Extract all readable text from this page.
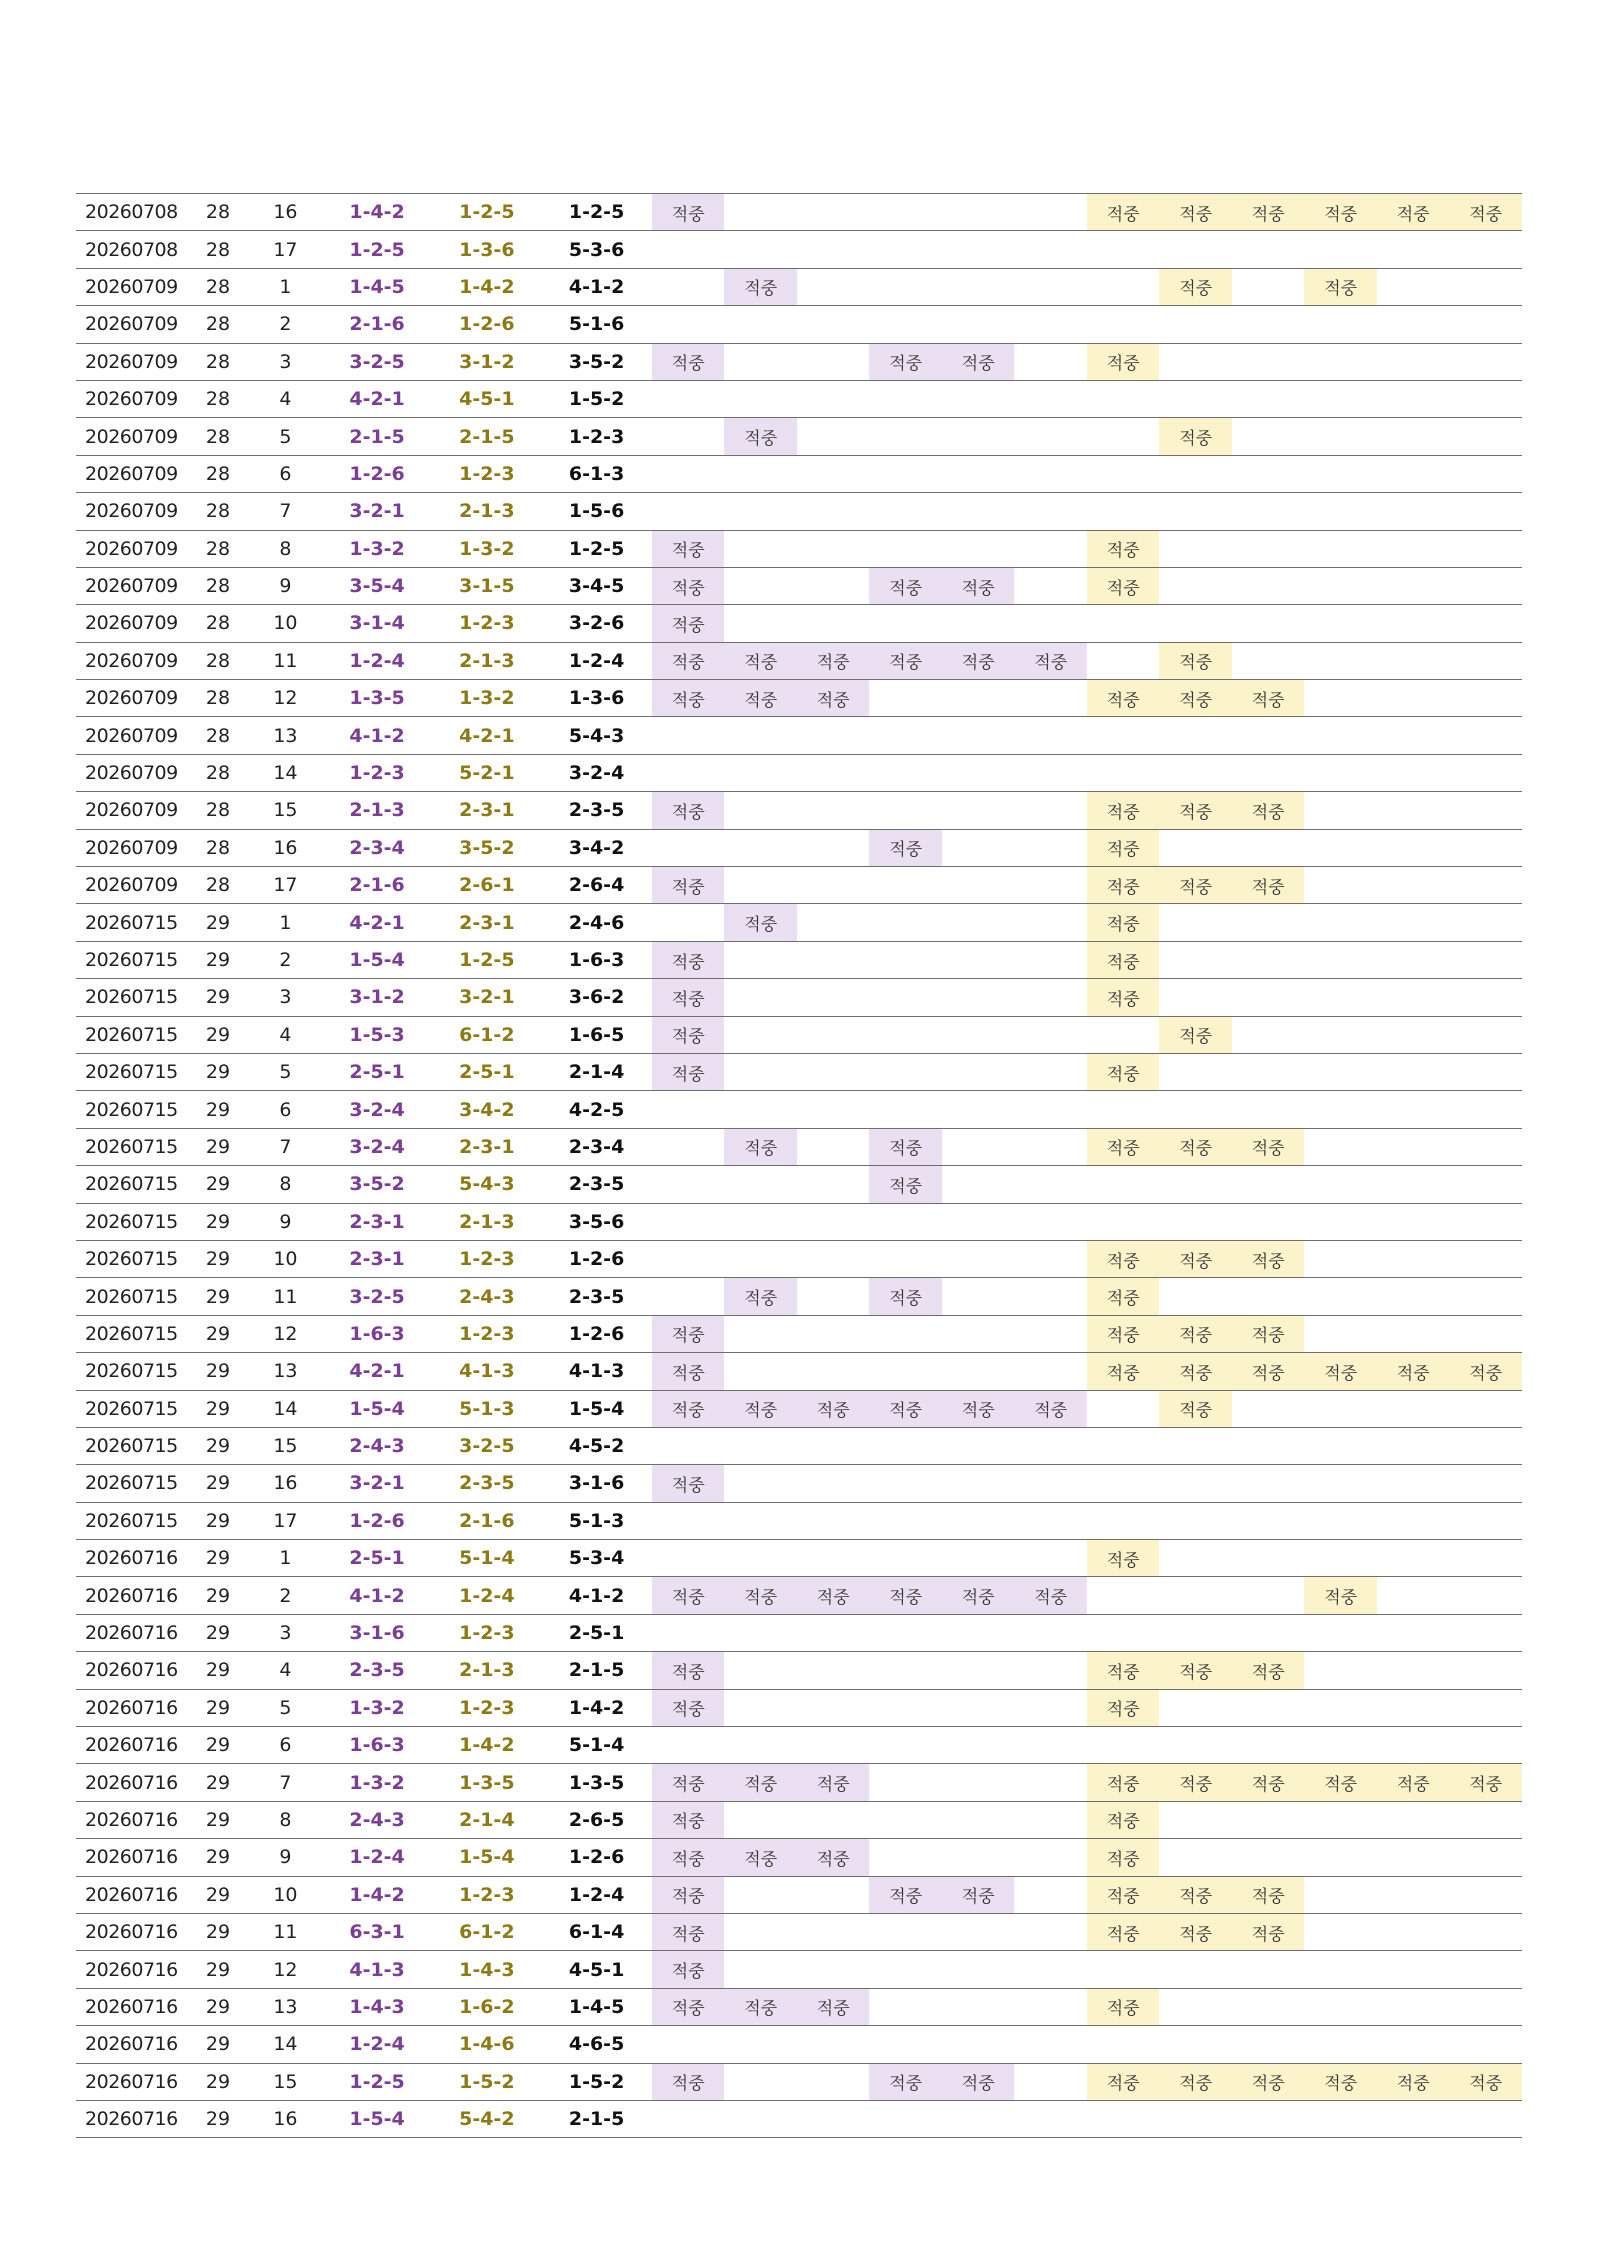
20260708	28	16	1-4-2	1-2-5	1-2-5	적중						적중	적중	적중	적중	적중	적중
20260708	28	17	1-2-5	1-3-6	5-3-6												
20260709	28	1	1-4-5	1-4-2	4-1-2		적중						적중		적중		
20260709	28	2	2-1-6	1-2-6	5-1-6												
20260709	28	3	3-2-5	3-1-2	3-5-2	적중			적중	적중		적중					
20260709	28	4	4-2-1	4-5-1	1-5-2												
20260709	28	5	2-1-5	2-1-5	1-2-3		적중						적중				
20260709	28	6	1-2-6	1-2-3	6-1-3												
20260709	28	7	3-2-1	2-1-3	1-5-6												
20260709	28	8	1-3-2	1-3-2	1-2-5	적중						적중					
20260709	28	9	3-5-4	3-1-5	3-4-5	적중			적중	적중		적중					
20260709	28	10	3-1-4	1-2-3	3-2-6	적중											
20260709	28	11	1-2-4	2-1-3	1-2-4	적중	적중	적중	적중	적중	적중		적중				
20260709	28	12	1-3-5	1-3-2	1-3-6	적중	적중	적중				적중	적중	적중			
20260709	28	13	4-1-2	4-2-1	5-4-3												
20260709	28	14	1-2-3	5-2-1	3-2-4												
20260709	28	15	2-1-3	2-3-1	2-3-5	적중						적중	적중	적중			
20260709	28	16	2-3-4	3-5-2	3-4-2				적중			적중					
20260709	28	17	2-1-6	2-6-1	2-6-4	적중						적중	적중	적중			
20260715	29	1	4-2-1	2-3-1	2-4-6		적중					적중					
20260715	29	2	1-5-4	1-2-5	1-6-3	적중						적중					
20260715	29	3	3-1-2	3-2-1	3-6-2	적중						적중					
20260715	29	4	1-5-3	6-1-2	1-6-5	적중							적중				
20260715	29	5	2-5-1	2-5-1	2-1-4	적중						적중					
20260715	29	6	3-2-4	3-4-2	4-2-5												
20260715	29	7	3-2-4	2-3-1	2-3-4		적중		적중			적중	적중	적중			
20260715	29	8	3-5-2	5-4-3	2-3-5				적중								
20260715	29	9	2-3-1	2-1-3	3-5-6												
20260715	29	10	2-3-1	1-2-3	1-2-6							적중	적중	적중			
20260715	29	11	3-2-5	2-4-3	2-3-5		적중		적중			적중					
20260715	29	12	1-6-3	1-2-3	1-2-6	적중						적중	적중	적중			
20260715	29	13	4-2-1	4-1-3	4-1-3	적중						적중	적중	적중	적중	적중	적중
20260715	29	14	1-5-4	5-1-3	1-5-4	적중	적중	적중	적중	적중	적중		적중				
20260715	29	15	2-4-3	3-2-5	4-5-2												
20260715	29	16	3-2-1	2-3-5	3-1-6	적중											
20260715	29	17	1-2-6	2-1-6	5-1-3												
20260716	29	1	2-5-1	5-1-4	5-3-4							적중					
20260716	29	2	4-1-2	1-2-4	4-1-2	적중	적중	적중	적중	적중	적중				적중		
20260716	29	3	3-1-6	1-2-3	2-5-1												
20260716	29	4	2-3-5	2-1-3	2-1-5	적중						적중	적중	적중			
20260716	29	5	1-3-2	1-2-3	1-4-2	적중						적중					
20260716	29	6	1-6-3	1-4-2	5-1-4												
20260716	29	7	1-3-2	1-3-5	1-3-5	적중	적중	적중				적중	적중	적중	적중	적중	적중
20260716	29	8	2-4-3	2-1-4	2-6-5	적중						적중					
20260716	29	9	1-2-4	1-5-4	1-2-6	적중	적중	적중				적중					
20260716	29	10	1-4-2	1-2-3	1-2-4	적중			적중	적중		적중	적중	적중			
20260716	29	11	6-3-1	6-1-2	6-1-4	적중						적중	적중	적중			
20260716	29	12	4-1-3	1-4-3	4-5-1	적중											
20260716	29	13	1-4-3	1-6-2	1-4-5	적중	적중	적중				적중					
20260716	29	14	1-2-4	1-4-6	4-6-5												
20260716	29	15	1-2-5	1-5-2	1-5-2	적중			적중	적중		적중	적중	적중	적중	적중	적중
20260716	29	16	1-5-4	5-4-2	2-1-5												
